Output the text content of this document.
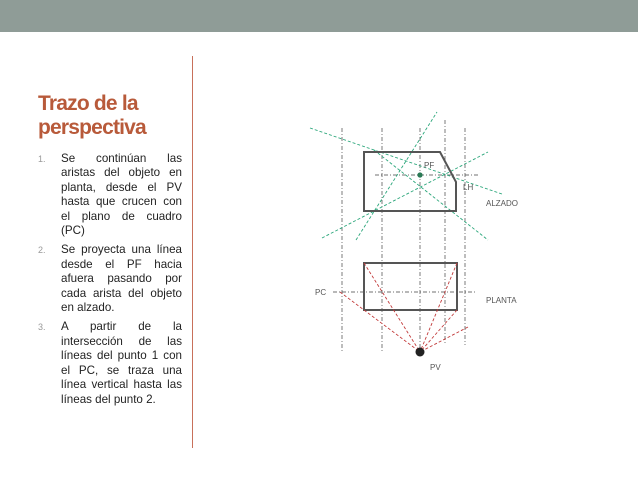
Trazo de la
perspectiva
1. Se continúan las aristas del objeto en planta, desde el PV hasta que crucen con el plano de cuadro (PC)
2. Se proyecta una línea desde el PF hacia afuera pasando por cada arista del objeto en alzado.
3. A partir de la intersección de las líneas del punto 1 con el PC, se traza una línea vertical hasta las líneas del punto 2.
PF
LH
ALZADO
PC
PLANTA
PV
